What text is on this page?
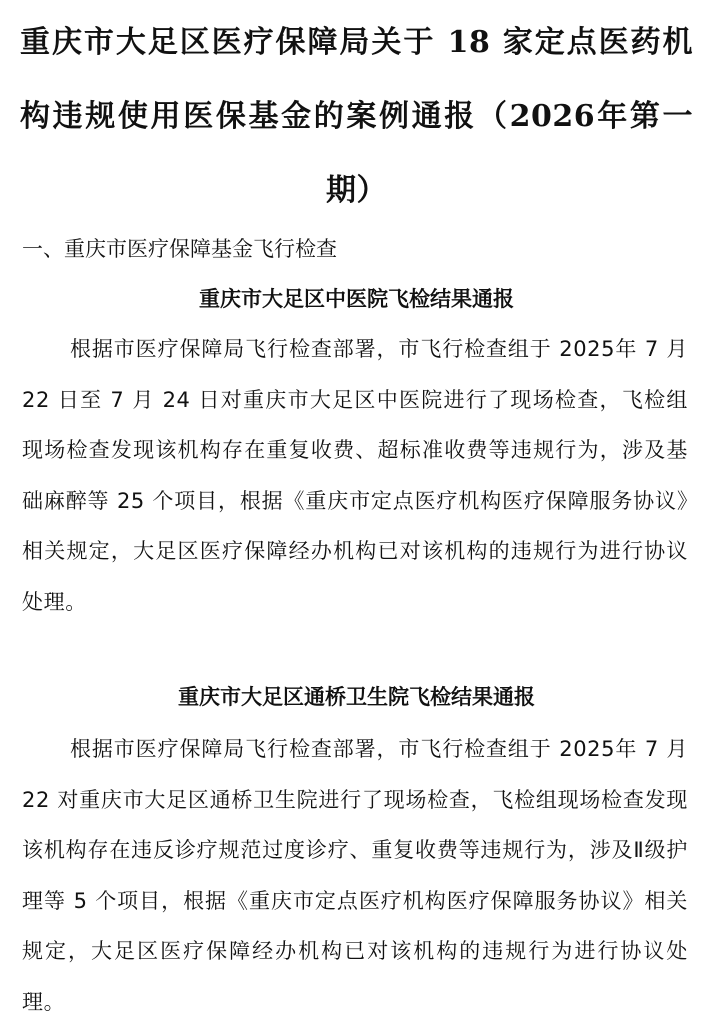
重庆市大足区医疗保障局关于 18 家定点医药机构违规使用医保基金的案例通报（2026年第一期）
一、重庆市医疗保障基金飞行检查
重庆市大足区中医院飞检结果通报

根据市医疗保障局飞行检查部署，市飞行检查组于 2025年 7 月 22 日至 7 月 24 日对重庆市大足区中医院进行了现场检查，飞检组现场检查发现该机构存在重复收费、超标准收费等违规行为，涉及基础麻醉等 25 个项目，根据《重庆市定点医疗机构医疗保障服务协议》相关规定，大足区医疗保障经办机构已对该机构的违规行为进行协议处理。

重庆市大足区通桥卫生院飞检结果通报

根据市医疗保障局飞行检查部署，市飞行检查组于 2025年 7 月 22 对重庆市大足区通桥卫生院进行了现场检查，飞检组现场检查发现该机构存在违反诊疗规范过度诊疗、重复收费等违规行为，涉及Ⅱ级护理等 5 个项目，根据《重庆市定点医疗机构医疗保障服务协议》相关规定，大足区医疗保障经办机构已对该机构的违规行为进行协议处理。
